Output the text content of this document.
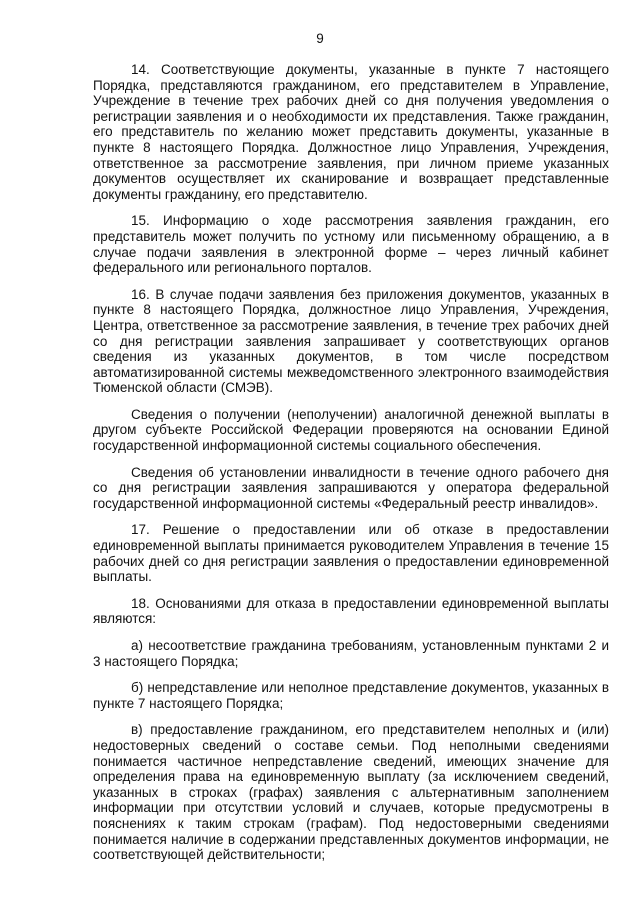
9

14. Соответствующие документы, указанные в пункте 7 настоящего Порядка, представляются гражданином, его представителем в Управление, Учреждение в течение трех рабочих дней со дня получения уведомления о регистрации заявления и о необходимости их представления. Также гражданин, его представитель по желанию может представить документы, указанные в пункте 8 настоящего Порядка. Должностное лицо Управления, Учреждения, ответственное за рассмотрение заявления, при личном приеме указанных документов осуществляет их сканирование и возвращает представленные документы гражданину, его представителю.

15. Информацию о ходе рассмотрения заявления гражданин, его представитель может получить по устному или письменному обращению, а в случае подачи заявления в электронной форме – через личный кабинет федерального или регионального порталов.

16. В случае подачи заявления без приложения документов, указанных в пункте 8 настоящего Порядка, должностное лицо Управления, Учреждения, Центра, ответственное за рассмотрение заявления, в течение трех рабочих дней со дня регистрации заявления запрашивает у соответствующих органов сведения из указанных документов, в том числе посредством автоматизированной системы межведомственного электронного взаимодействия Тюменской области (СМЭВ).

Сведения о получении (неполучении) аналогичной денежной выплаты в другом субъекте Российской Федерации проверяются на основании Единой государственной информационной системы социального обеспечения.

Сведения об установлении инвалидности в течение одного рабочего дня со дня регистрации заявления запрашиваются у оператора федеральной государственной информационной системы «Федеральный реестр инвалидов».

17. Решение о предоставлении или об отказе в предоставлении единовременной выплаты принимается руководителем Управления в течение 15 рабочих дней со дня регистрации заявления о предоставлении единовременной выплаты.

18. Основаниями для отказа в предоставлении единовременной выплаты являются:

а) несоответствие гражданина требованиям, установленным пунктами 2 и 3 настоящего Порядка;

б) непредставление или неполное представление документов, указанных в пункте 7 настоящего Порядка;

в) предоставление гражданином, его представителем неполных и (или) недостоверных сведений о составе семьи. Под неполными сведениями понимается частичное непредставление сведений, имеющих значение для определения права на единовременную выплату (за исключением сведений, указанных в строках (графах) заявления с альтернативным заполнением информации при отсутствии условий и случаев, которые предусмотрены в пояснениях к таким строкам (графам). Под недостоверными сведениями понимается наличие в содержании представленных документов информации, не соответствующей действительности;
